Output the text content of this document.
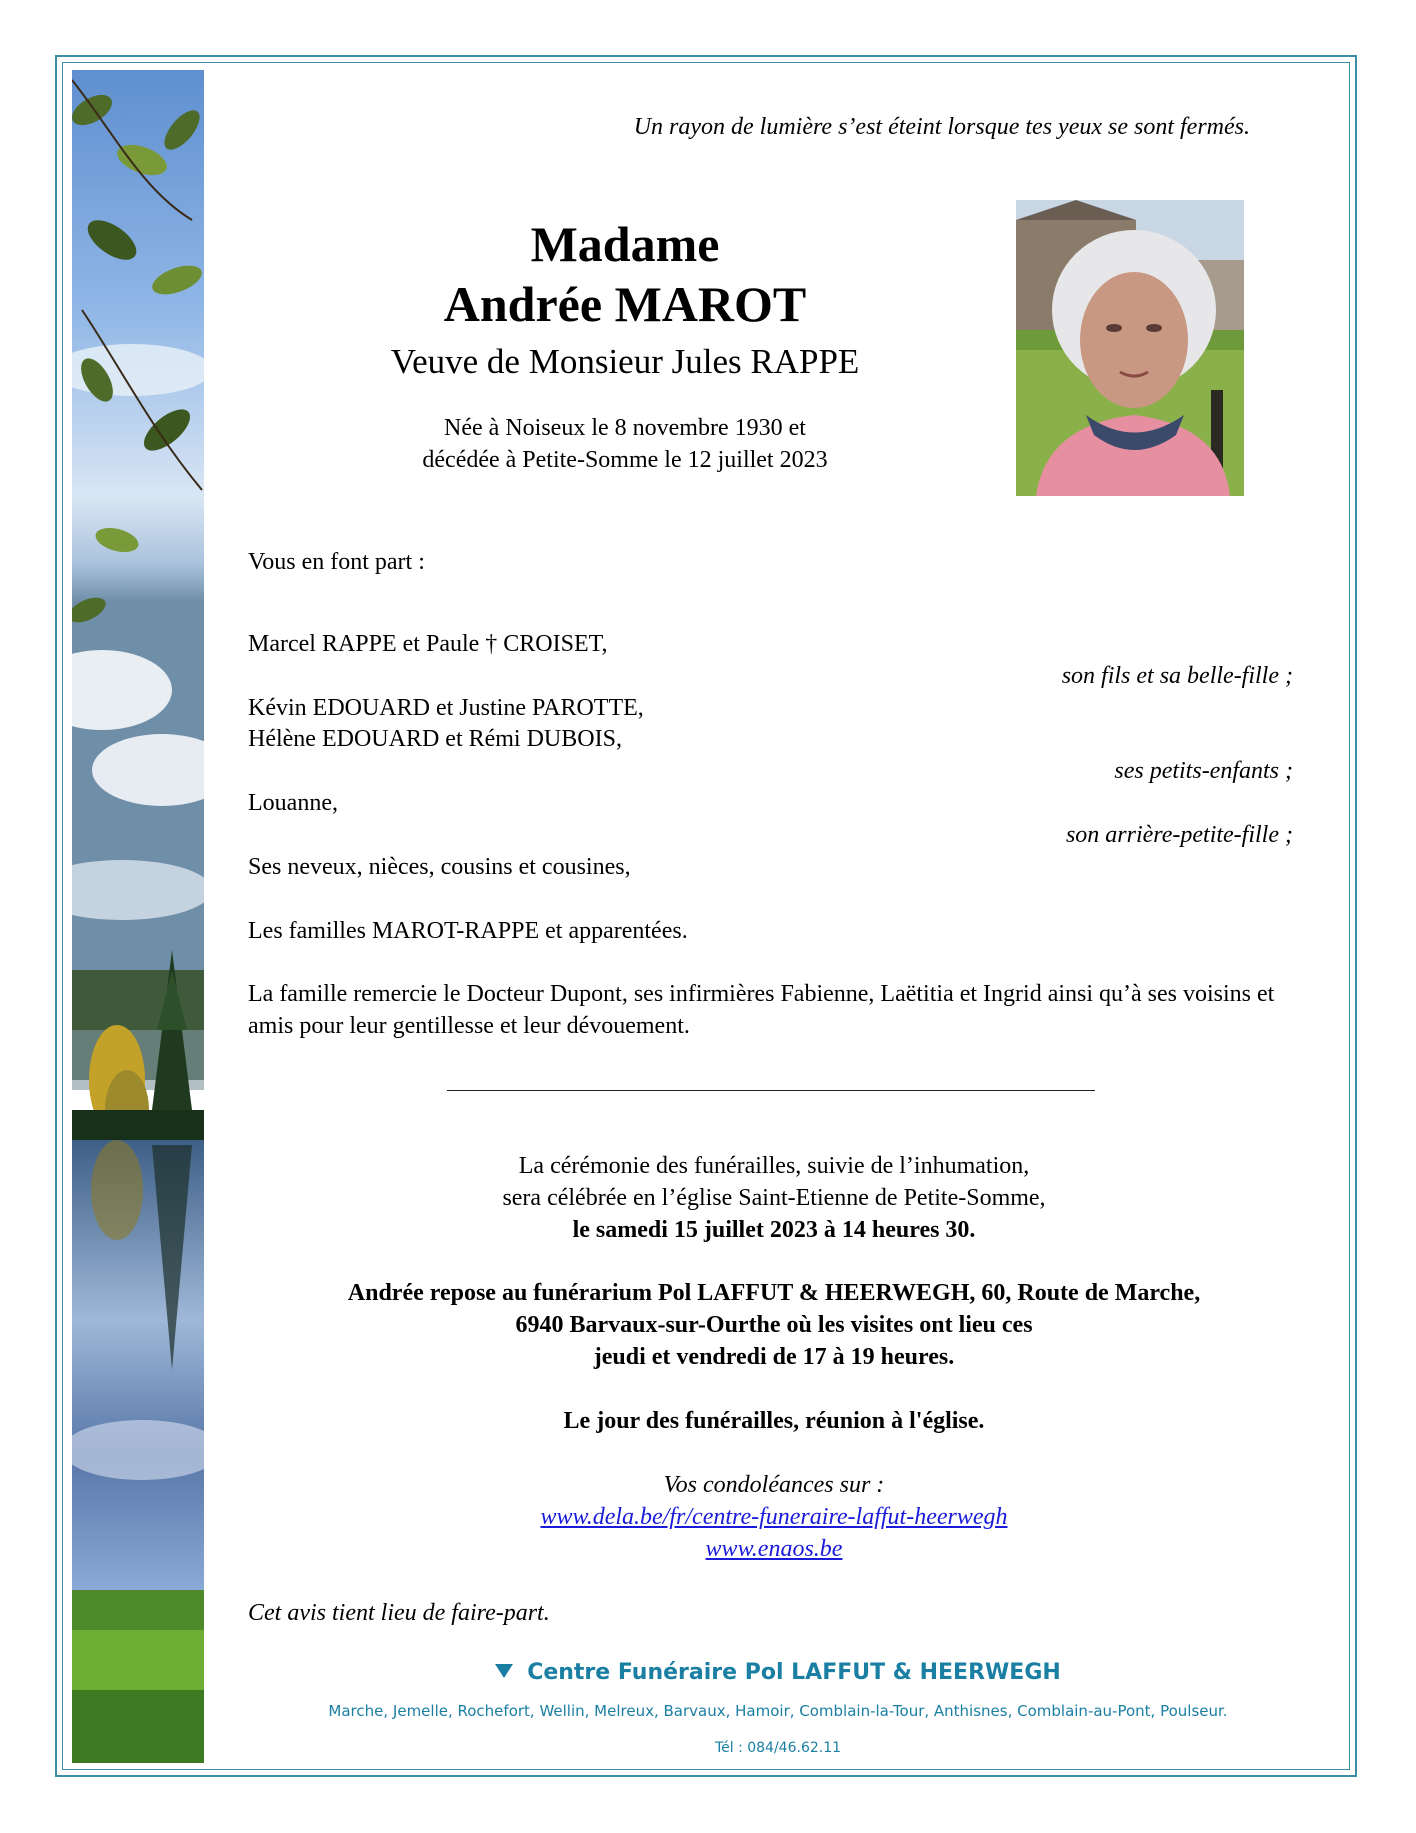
Un rayon de lumière s’est éteint lorsque tes yeux se sont fermés.
Madame
Andrée MAROT
Veuve de Monsieur Jules RAPPE
Née à Noiseux le 8 novembre 1930 et
décédée à Petite-Somme le 12 juillet 2023
Vous en font part :
Marcel RAPPE et Paule † CROISET,
son fils et sa belle-fille ;
Kévin EDOUARD et Justine PAROTTE,
Hélène EDOUARD et Rémi DUBOIS,
ses petits-enfants ;
Louanne,
son arrière-petite-fille ;
Ses neveux, nièces, cousins et cousines,
Les familles MAROT-RAPPE et apparentées.
La famille remercie le Docteur Dupont, ses infirmières Fabienne, Laëtitia et Ingrid ainsi qu’à ses voisins et amis pour leur gentillesse et leur dévouement.
La cérémonie des funérailles, suivie de l’inhumation,
sera célébrée en l’église Saint-Etienne de Petite-Somme,
le samedi 15 juillet 2023 à 14 heures 30.
Andrée repose au funérarium Pol LAFFUT & HEERWEGH, 60, Route de Marche,
6940 Barvaux-sur-Ourthe où les visites ont lieu ces
jeudi et vendredi de 17 à 19 heures.
Le jour des funérailles, réunion à l'église.
Vos condoléances sur :
www.dela.be/fr/centre-funeraire-laffut-heerwegh
www.enaos.be
Cet avis tient lieu de faire-part.
Centre Funéraire Pol LAFFUT & HEERWEGH
Marche, Jemelle, Rochefort, Wellin, Melreux, Barvaux, Hamoir, Comblain-la-Tour, Anthisnes, Comblain-au-Pont, Poulseur.
Tél : 084/46.62.11
